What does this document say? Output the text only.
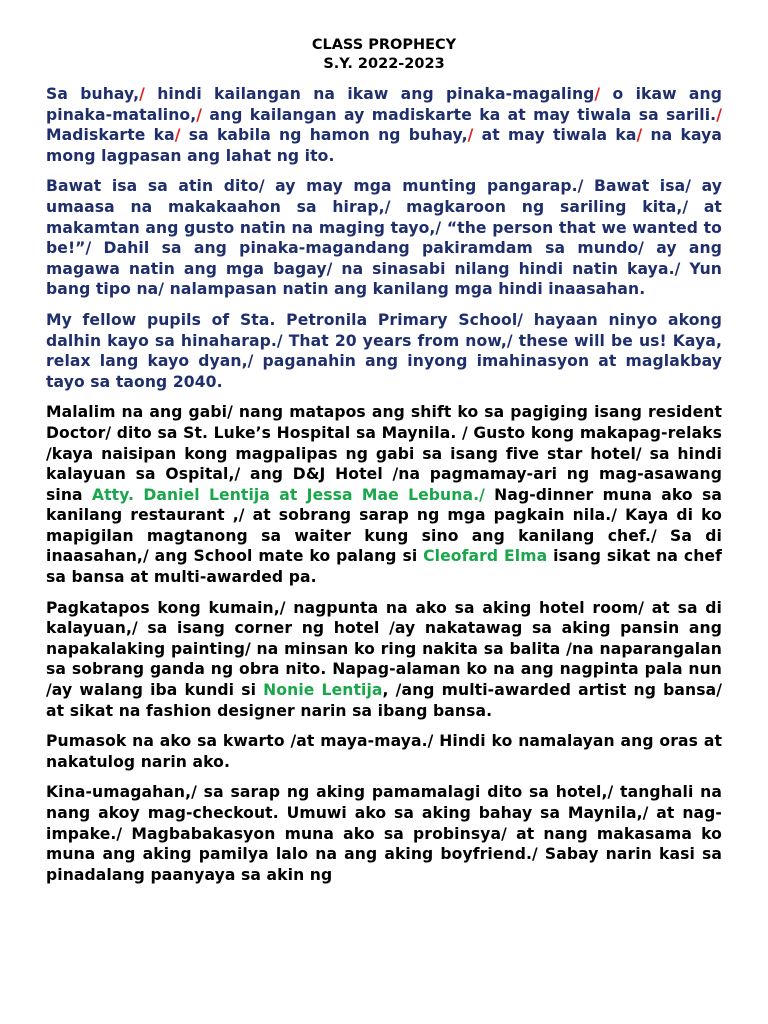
CLASS PROPHECY
S.Y. 2022-2023

Sa buhay,/ hindi kailangan na ikaw ang pinaka-magaling/ o ikaw ang pinaka-matalino,/ ang kailangan ay madiskarte ka at may tiwala sa sarili./ Madiskarte ka/ sa kabila ng hamon ng buhay,/ at may tiwala ka/ na kaya mong lagpasan ang lahat ng ito.

Bawat isa sa atin dito/ ay may mga munting pangarap./ Bawat isa/ ay umaasa na makakaahon sa hirap,/ magkaroon ng sariling kita,/ at makamtan ang gusto natin na maging tayo,/ “the person that we wanted to be!”/ Dahil sa ang pinaka-magandang pakiramdam sa mundo/ ay ang magawa natin ang mga bagay/ na sinasabi nilang hindi natin kaya./ Yun bang tipo na/ nalampasan natin ang kanilang mga hindi inaasahan.

My fellow pupils of Sta. Petronila Primary School/ hayaan ninyo akong dalhin kayo sa hinaharap./ That 20 years from now,/ these will be us! Kaya, relax lang kayo dyan,/ paganahin ang inyong imahinasyon at maglakbay tayo sa taong 2040.

Malalim na ang gabi/ nang matapos ang shift ko sa pagiging isang resident Doctor/ dito sa St. Luke’s Hospital sa Maynila. / Gusto kong makapag-relaks /kaya naisipan kong magpalipas ng gabi sa isang five star hotel/ sa hindi kalayuan sa Ospital,/ ang D&J Hotel /na pagmamay-ari ng mag-asawang sina Atty. Daniel Lentija at Jessa Mae Lebuna./ Nag-dinner muna ako sa kanilang restaurant ,/ at sobrang sarap ng mga pagkain nila./ Kaya di ko mapigilan magtanong sa waiter kung sino ang kanilang chef./ Sa di inaasahan,/ ang School mate ko palang si Cleofard Elma isang sikat na chef sa bansa at multi-awarded pa.

Pagkatapos kong kumain,/ nagpunta na ako sa aking hotel room/ at sa di kalayuan,/ sa isang corner ng hotel /ay nakatawag sa aking pansin ang napakalaking painting/ na minsan ko ring nakita sa balita /na naparangalan sa sobrang ganda ng obra nito. Napag-alaman ko na ang nagpinta pala nun /ay walang iba kundi si Nonie Lentija, /ang multi-awarded artist ng bansa/ at sikat na fashion designer narin sa ibang bansa.

Pumasok na ako sa kwarto /at maya-maya./ Hindi ko namalayan ang oras at nakatulog narin ako.

Kina-umagahan,/ sa sarap ng aking pamamalagi dito sa hotel,/ tanghali na nang akoy mag-checkout. Umuwi ako sa aking bahay sa Maynila,/ at nag-impake./ Magbabakasyon muna ako sa probinsya/ at nang makasama ko muna ang aking pamilya lalo na ang aking boyfriend./ Sabay narin kasi sa pinadalang paanyaya sa akin ng
